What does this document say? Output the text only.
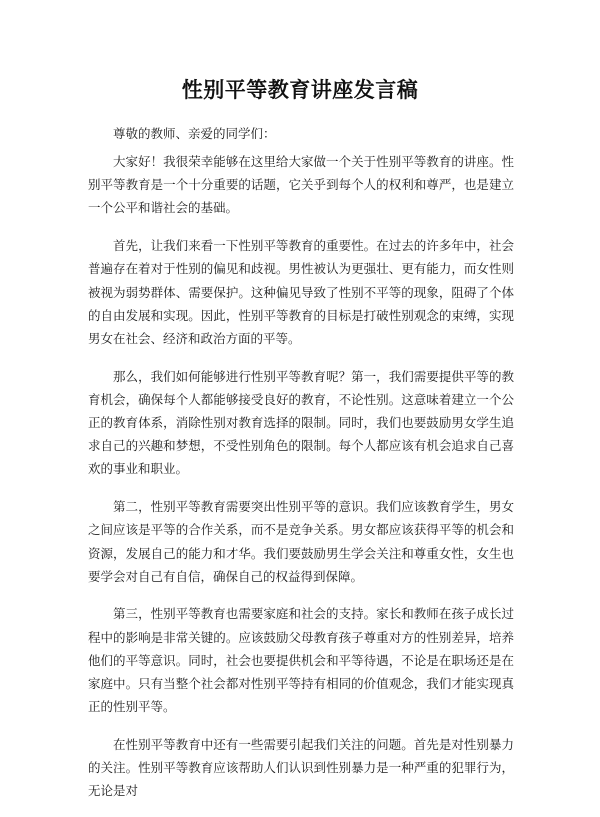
性别平等教育讲座发言稿
尊敬的教师、亲爱的同学们：

大家好！我很荣幸能够在这里给大家做一个关于性别平等教育的讲座。性别平等教育是一个十分重要的话题，它关乎到每个人的权利和尊严，也是建立一个公平和谐社会的基础。

首先，让我们来看一下性别平等教育的重要性。在过去的许多年中，社会普遍存在着对于性别的偏见和歧视。男性被认为更强壮、更有能力，而女性则被视为弱势群体、需要保护。这种偏见导致了性别不平等的现象，阻碍了个体的自由发展和实现。因此，性别平等教育的目标是打破性别观念的束缚，实现男女在社会、经济和政治方面的平等。

那么，我们如何能够进行性别平等教育呢？第一，我们需要提供平等的教育机会，确保每个人都能够接受良好的教育，不论性别。这意味着建立一个公正的教育体系，消除性别对教育选择的限制。同时，我们也要鼓励男女学生追求自己的兴趣和梦想，不受性别角色的限制。每个人都应该有机会追求自己喜欢的事业和职业。

第二，性别平等教育需要突出性别平等的意识。我们应该教育学生，男女之间应该是平等的合作关系，而不是竞争关系。男女都应该获得平等的机会和资源，发展自己的能力和才华。我们要鼓励男生学会关注和尊重女性，女生也要学会对自己有自信，确保自己的权益得到保障。

第三，性别平等教育也需要家庭和社会的支持。家长和教师在孩子成长过程中的影响是非常关键的。应该鼓励父母教育孩子尊重对方的性别差异，培养他们的平等意识。同时，社会也要提供机会和平等待遇，不论是在职场还是在家庭中。只有当整个社会都对性别平等持有相同的价值观念，我们才能实现真正的性别平等。

在性别平等教育中还有一些需要引起我们关注的问题。首先是对性别暴力的关注。性别平等教育应该帮助人们认识到性别暴力是一种严重的犯罪行为，无论是对
